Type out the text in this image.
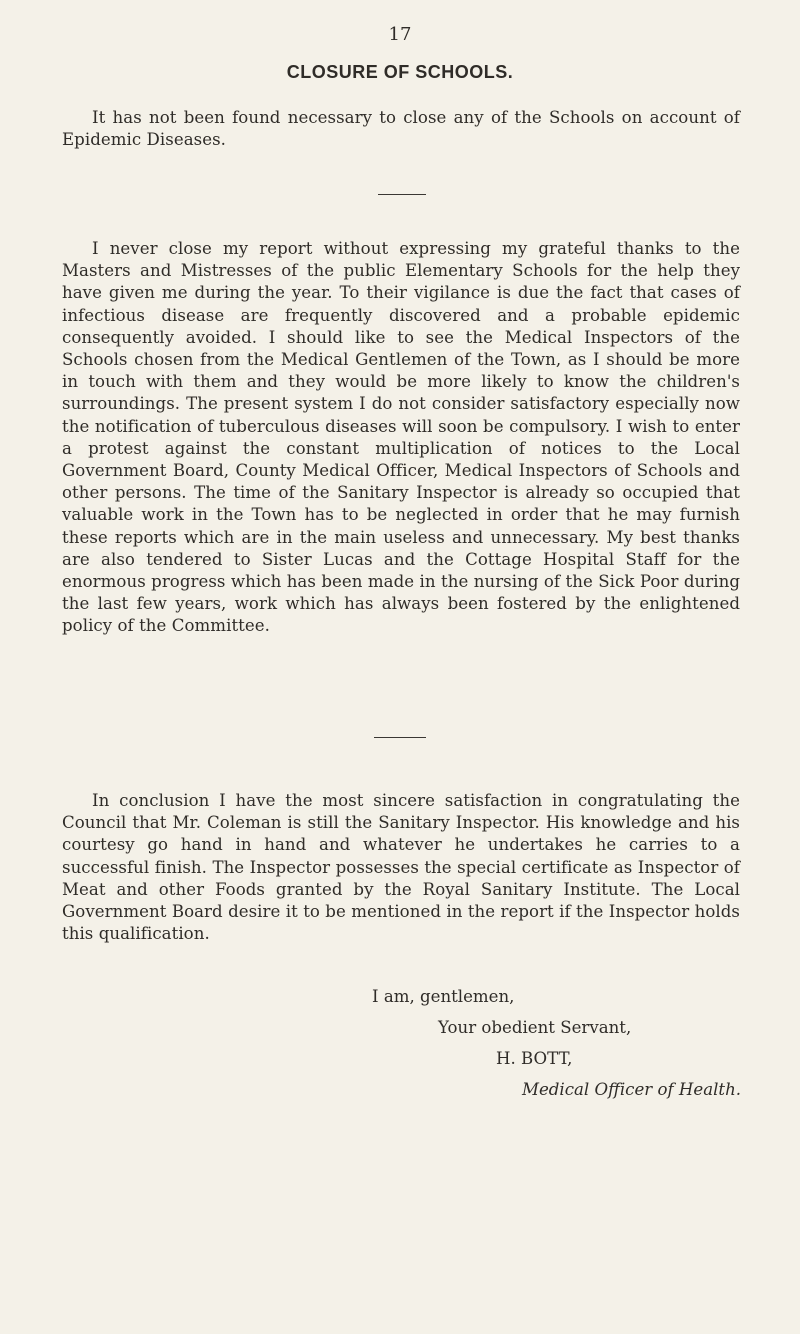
17
CLOSURE OF SCHOOLS.

It has not been found necessary to close any of the Schools on account of Epidemic Diseases.

I never close my report without expressing my grateful thanks to the Masters and Mistresses of the public Elementary Schools for the help they have given me during the year. To their vigilance is due the fact that cases of infectious disease are frequently discovered and a probable epidemic consequently avoided. I should like to see the Medical Inspectors of the Schools chosen from the Medical Gentlemen of the Town, as I should be more in touch with them and they would be more likely to know the children's surroundings. The present system I do not consider satisfactory especially now the notification of tuberculous diseases will soon be compulsory. I wish to enter a protest against the constant multiplication of notices to the Local Government Board, County Medical Officer, Medical Inspectors of Schools and other persons. The time of the Sanitary Inspector is already so occupied that valuable work in the Town has to be neglected in order that he may furnish these reports which are in the main useless and unnecessary. My best thanks are also tendered to Sister Lucas and the Cottage Hospital Staff for the enormous progress which has been made in the nursing of the Sick Poor during the last few years, work which has always been fostered by the enlightened policy of the Committee.

In conclusion I have the most sincere satisfaction in congratulating the Council that Mr. Coleman is still the Sanitary Inspector. His knowledge and his courtesy go hand in hand and whatever he undertakes he carries to a successful finish. The Inspector possesses the special certificate as Inspector of Meat and other Foods granted by the Royal Sanitary Institute. The Local Government Board desire it to be mentioned in the report if the Inspector holds this qualification.

I am, gentlemen,
Your obedient Servant,
H. BOTT,
Medical Officer of Health.
